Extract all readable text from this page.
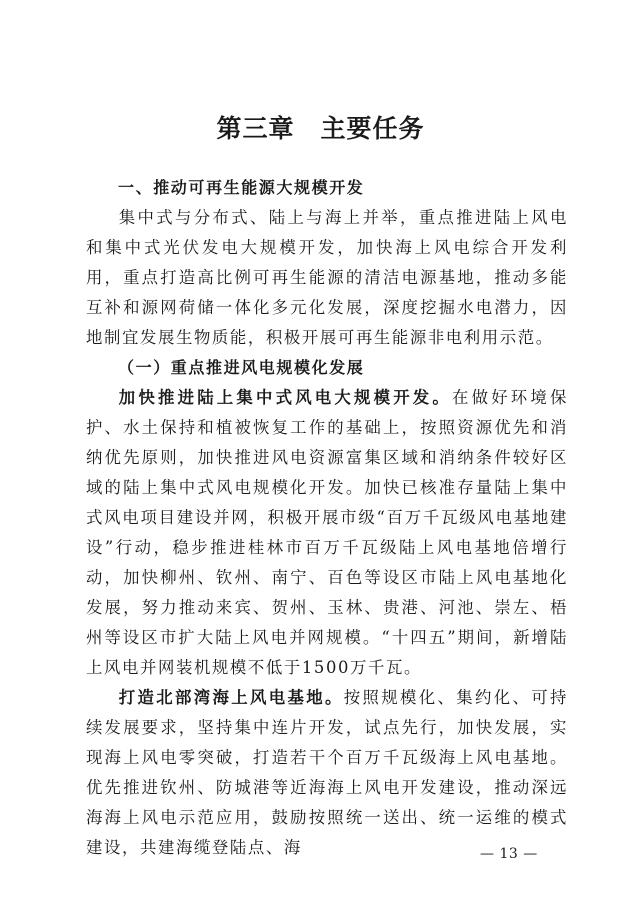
第三章　主要任务

一、推动可再生能源大规模开发

集中式与分布式、陆上与海上并举，重点推进陆上风电和集中式光伏发电大规模开发，加快海上风电综合开发利用，重点打造高比例可再生能源的清洁电源基地，推动多能互补和源网荷储一体化多元化发展，深度挖掘水电潜力，因地制宜发展生物质能，积极开展可再生能源非电利用示范。

（一）重点推进风电规模化发展

加快推进陆上集中式风电大规模开发。在做好环境保护、水土保持和植被恢复工作的基础上，按照资源优先和消纳优先原则，加快推进风电资源富集区域和消纳条件较好区域的陆上集中式风电规模化开发。加快已核准存量陆上集中式风电项目建设并网，积极开展市级“百万千瓦级风电基地建设”行动，稳步推进桂林市百万千瓦级陆上风电基地倍增行动，加快柳州、钦州、南宁、百色等设区市陆上风电基地化发展，努力推动来宾、贺州、玉林、贵港、河池、崇左、梧州等设区市扩大陆上风电并网规模。“十四五”期间，新增陆上风电并网装机规模不低于1500万千瓦。

打造北部湾海上风电基地。按照规模化、集约化、可持续发展要求，坚持集中连片开发，试点先行，加快发展，实现海上风电零突破，打造若干个百万千瓦级海上风电基地。优先推进钦州、防城港等近海海上风电开发建设，推动深远海海上风电示范应用，鼓励按照统一送出、统一运维的模式建设，共建海缆登陆点、海	— 13 —
